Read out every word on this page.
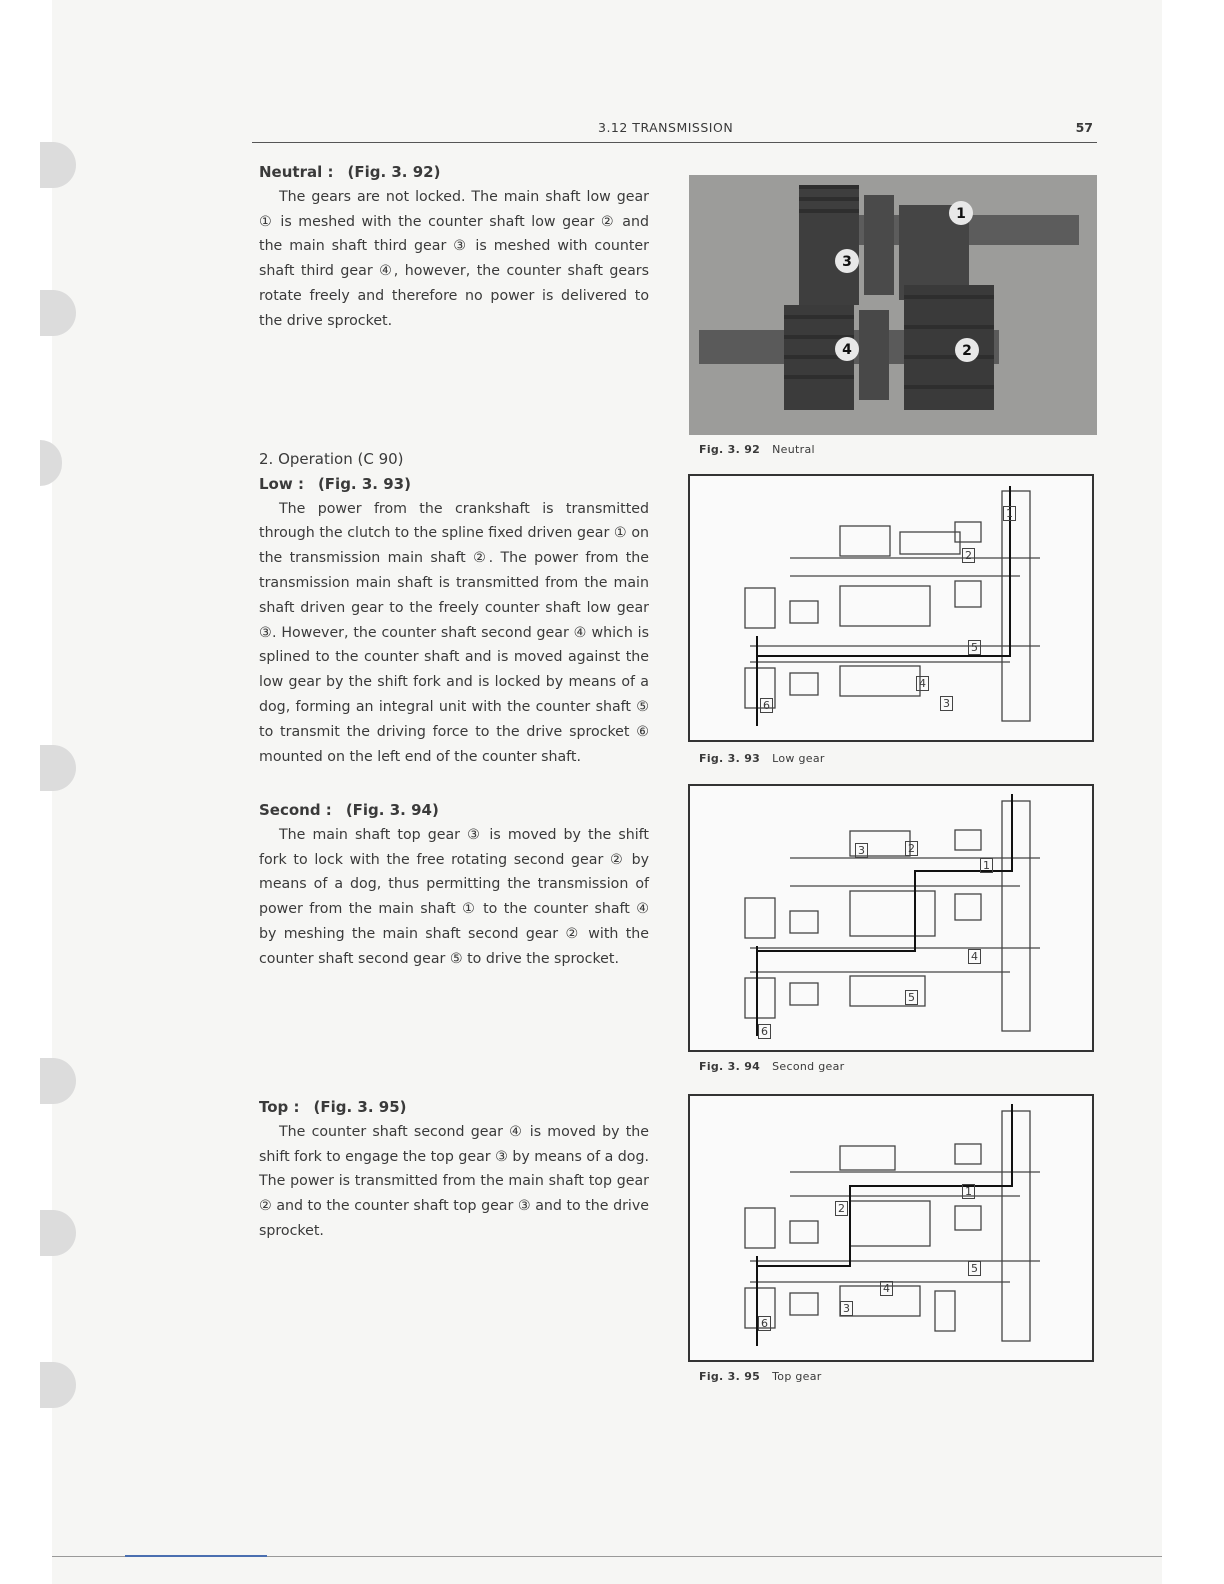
3.12 TRANSMISSION	57
Neutral : (Fig. 3. 92)
The gears are not locked. The main shaft low gear ① is meshed with the counter shaft low gear ② and the main shaft third gear ③ is meshed with counter shaft third gear ④, however, the counter shaft gears rotate freely and therefore no power is delivered to the drive sprocket.
2. Operation (C 90)
Low : (Fig. 3. 93)
The power from the crankshaft is transmitted through the clutch to the spline fixed driven gear ① on the transmission main shaft ②. The power from the transmission main shaft is transmitted from the main shaft driven gear to the freely counter shaft low gear ③. However, the counter shaft second gear ④ which is splined to the counter shaft and is moved against the low gear by the shift fork and is locked by means of a dog, forming an integral unit with the counter shaft ⑤ to transmit the driving force to the drive sprocket ⑥ mounted on the left end of the counter shaft.
Second : (Fig. 3. 94)
The main shaft top gear ③ is moved by the shift fork to lock with the free rotating second gear ② by means of a dog, thus permitting the transmission of power from the main shaft ① to the counter shaft ④ by meshing the main shaft second gear ② with the counter shaft second gear ⑤ to drive the sprocket.
Top : (Fig. 3. 95)
The counter shaft second gear ④ is moved by the shift fork to engage the top gear ③ by means of a dog. The power is transmitted from the main shaft top gear ② and to the counter shaft top gear ③ and to the drive sprocket.
1
2
3
4
Fig. 3. 92 Neutral
1
2
3
4
5
6
Fig. 3. 93 Low gear
1
2
3
4
5
6
Fig. 3. 94 Second gear
1
2
3
4
5
6
Fig. 3. 95 Top gear
